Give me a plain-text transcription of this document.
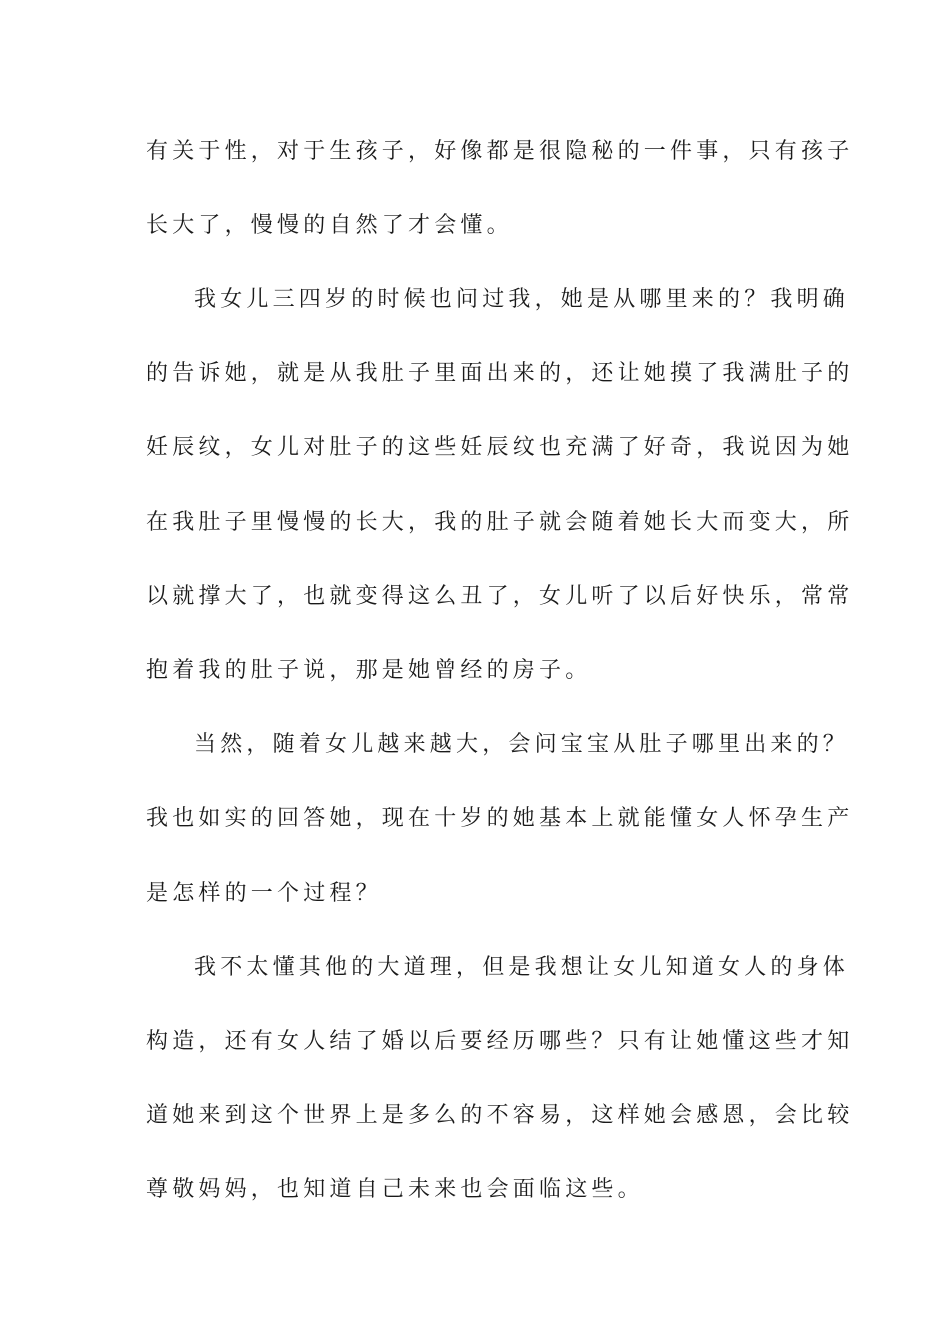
有关于性，对于生孩子，好像都是很隐秘的一件事，只有孩子

长大了，慢慢的自然了才会懂。

我女儿三四岁的时候也问过我，她是从哪里来的？我明确

的告诉她，就是从我肚子里面出来的，还让她摸了我满肚子的

妊辰纹，女儿对肚子的这些妊辰纹也充满了好奇，我说因为她

在我肚子里慢慢的长大，我的肚子就会随着她长大而变大，所

以就撑大了，也就变得这么丑了，女儿听了以后好快乐，常常

抱着我的肚子说，那是她曾经的房子。

当然，随着女儿越来越大，会问宝宝从肚子哪里出来的？

我也如实的回答她，现在十岁的她基本上就能懂女人怀孕生产

是怎样的一个过程？

我不太懂其他的大道理，但是我想让女儿知道女人的身体

构造，还有女人结了婚以后要经历哪些？只有让她懂这些才知

道她来到这个世界上是多么的不容易，这样她会感恩，会比较

尊敬妈妈，也知道自己未来也会面临这些。
